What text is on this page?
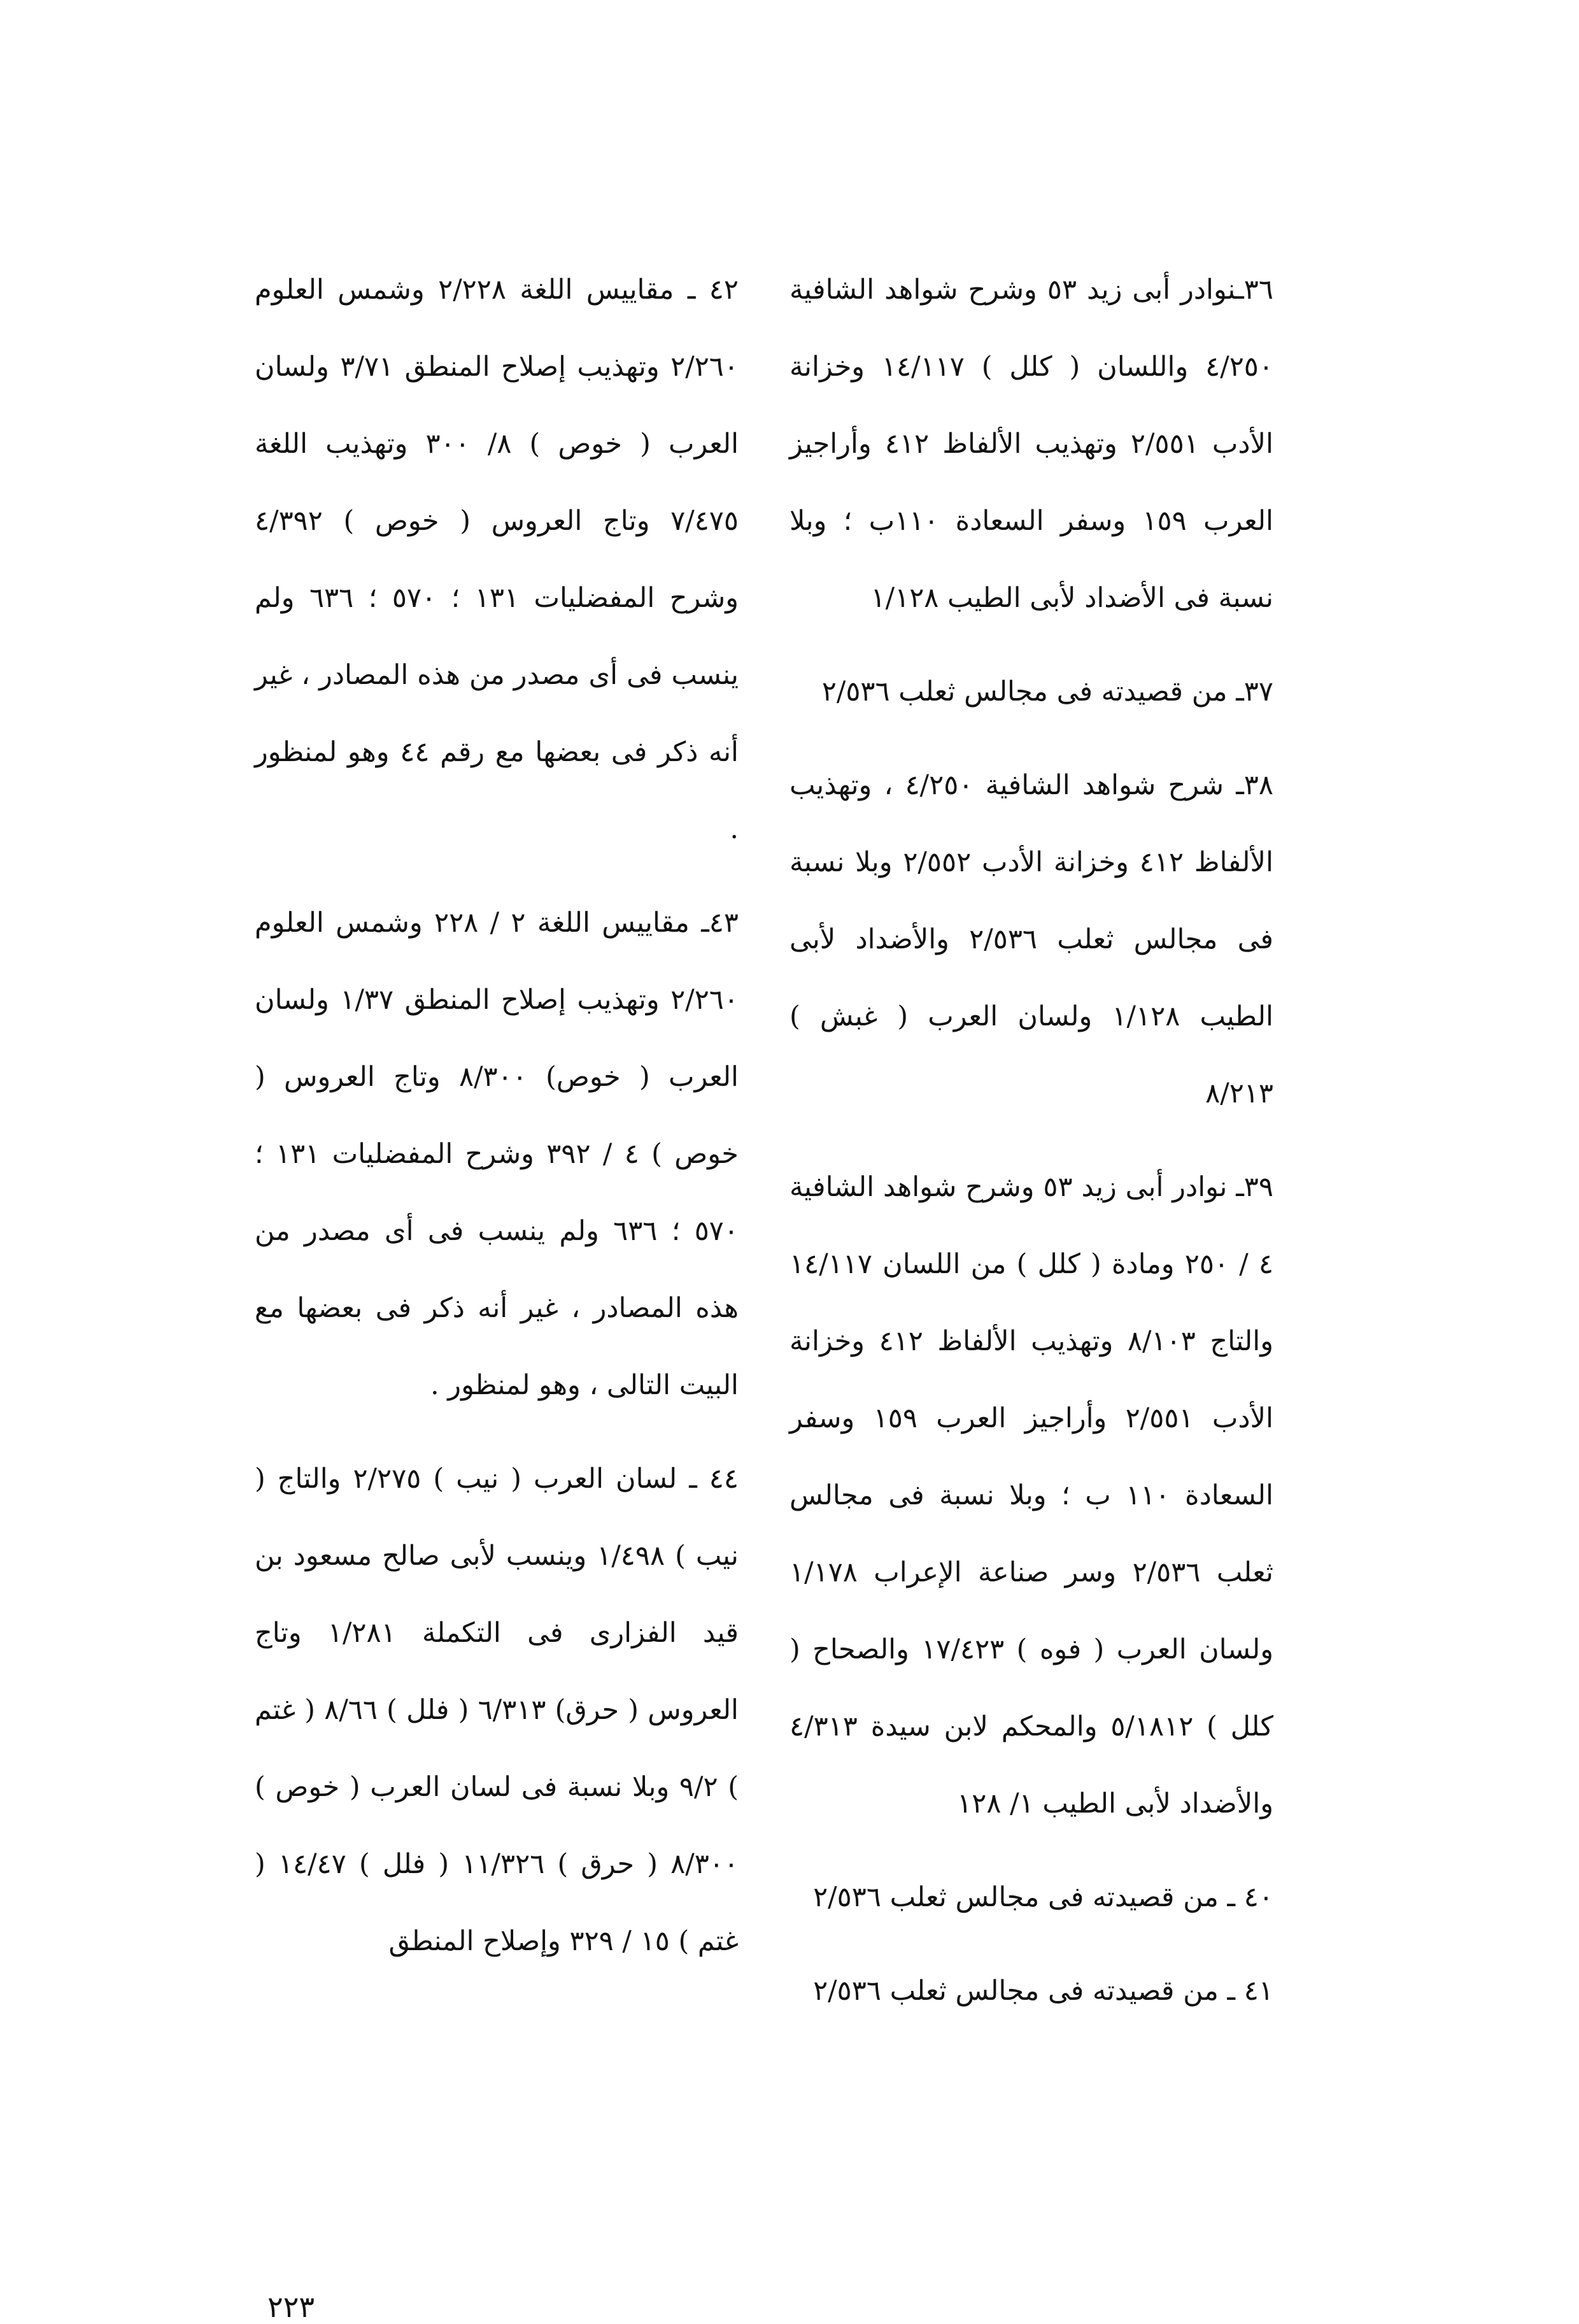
٣٦ـنوادر أبى زيد ٥٣ وشرح شواهد الشافية ٤/٢٥٠ واللسان ( كلل ) ١٤/١١٧ وخزانة الأدب ٢/٥٥١ وتهذيب الألفاظ ٤١٢ وأراجيز العرب ١٥٩ وسفر السعادة ١١٠ب ؛ وبلا نسبة فى الأضداد لأبى الطيب ١/١٢٨

٣٧ـ من قصيدته فى مجالس ثعلب ٢/٥٣٦

٣٨ـ شرح شواهد الشافية ٤/٢٥٠ ، وتهذيب الألفاظ ٤١٢ وخزانة الأدب ٢/٥٥٢ وبلا نسبة فى مجالس ثعلب ٢/٥٣٦ والأضداد لأبى الطيب ١/١٢٨ ولسان العرب ( غبش ) ٨/٢١٣

٣٩ـ نوادر أبى زيد ٥٣ وشرح شواهد الشافية ٤ / ٢٥٠ ومادة ( كلل ) من اللسان ١٤/١١٧ والتاج ٨/١٠٣ وتهذيب الألفاظ ٤١٢ وخزانة الأدب ٢/٥٥١ وأراجيز العرب ١٥٩ وسفر السعادة ١١٠ ب ؛ وبلا نسبة فى مجالس ثعلب ٢/٥٣٦ وسر صناعة الإعراب ١/١٧٨ ولسان العرب ( فوه ) ١٧/٤٢٣ والصحاح ( كلل ) ٥/١٨١٢ والمحكم لابن سيدة ٤/٣١٣ والأضداد لأبى الطيب ١/ ١٢٨

٤٠ ـ من قصيدته فى مجالس ثعلب ٢/٥٣٦

٤١ ـ من قصيدته فى مجالس ثعلب ٢/٥٣٦

٤٢ ـ مقاييس اللغة ٢/٢٢٨ وشمس العلوم ٢/٢٦٠ وتهذيب إصلاح المنطق ٣/٧١ ولسان العرب ( خوص ) ٨/ ٣٠٠ وتهذيب اللغة ٧/٤٧٥ وتاج العروس ( خوص ) ٤/٣٩٢ وشرح المفضليات ١٣١ ؛ ٥٧٠ ؛ ٦٣٦ ولم ينسب فى أى مصدر من هذه المصادر ، غير أنه ذكر فى بعضها مع رقم ٤٤ وهو لمنظور .

٤٣ـ مقاييس اللغة ٢ / ٢٢٨ وشمس العلوم ٢/٢٦٠ وتهذيب إصلاح المنطق ١/٣٧ ولسان العرب ( خوص) ٨/٣٠٠ وتاج العروس ( خوص ) ٤ / ٣٩٢ وشرح المفضليات ١٣١ ؛ ٥٧٠ ؛ ٦٣٦ ولم ينسب فى أى مصدر من هذه المصادر ، غير أنه ذكر فى بعضها مع البيت التالى ، وهو لمنظور .

٤٤ ـ لسان العرب ( نيب ) ٢/٢٧٥ والتاج ( نيب ) ١/٤٩٨ وينسب لأبى صالح مسعود بن قيد الفزارى فى التكملة ١/٢٨١ وتاج العروس ( حرق) ٦/٣١٣ ( فلل ) ٨/٦٦ ( غتم ) ٩/٢ وبلا نسبة فى لسان العرب ( خوص ) ٨/٣٠٠ ( حرق ) ١١/٣٢٦ ( فلل ) ١٤/٤٧ ( غتم ) ١٥ / ٣٢٩ وإصلاح المنطق

٢٢٣
